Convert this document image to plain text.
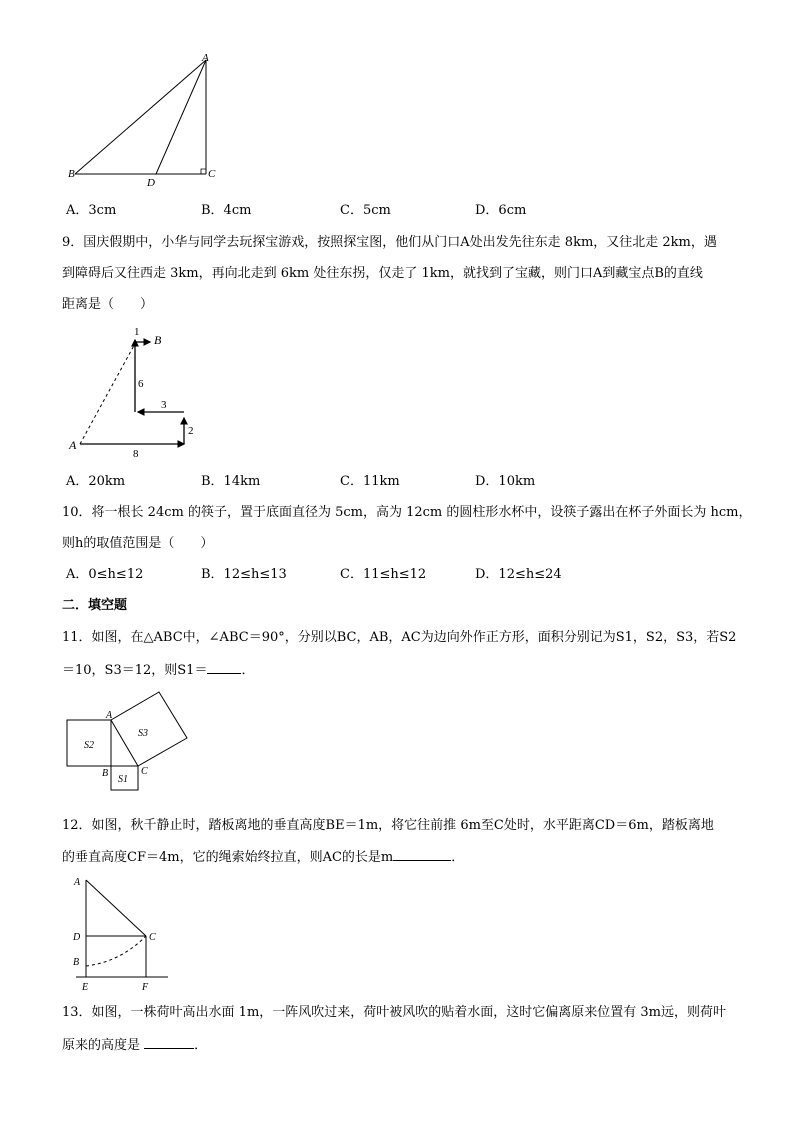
A
B
D
C
A．3cm	B．4cm	C．5cm	D．6cm
9．国庆假期中，小华与同学去玩探宝游戏，按照探宝图，他们从门口A处出发先往东走 8km，又往北走 2km，遇
到障碍后又往西走 3km，再向北走到 6km 处往东拐，仅走了 1km，就找到了宝藏，则门口A到藏宝点B的直线
距离是（　　）
A
B
8
2
3
6
1
A．20km	B．14km	C．11km	D．10km
10．将一根长 24cm 的筷子，置于底面直径为 5cm，高为 12cm 的圆柱形水杯中，设筷子露出在杯子外面长为 hcm，
则h的取值范围是（　　）
A．0≤h≤12	B．12≤h≤13	C．11≤h≤12	D．12≤h≤24
二．填空题
11．如图，在△ABC中，∠ABC＝90°，分别以BC，AB，AC为边向外作正方形，面积分别记为S1，S2，S3，若S2
＝10，S3＝12，则S1＝	．
A
B	C
S2
S3
S1
12．如图，秋千静止时，踏板离地的垂直高度BE＝1m，将它往前推 6m至C处时，水平距离CD＝6m，踏板离地
的垂直高度CF＝4m，它的绳索始终拉直，则AC的长是m	．
A
D	C
B
E	F
13．如图，一株荷叶高出水面 1m，一阵风吹过来，荷叶被风吹的贴着水面，这时它偏离原来位置有 3m远，则荷叶
原来的高度是	．
